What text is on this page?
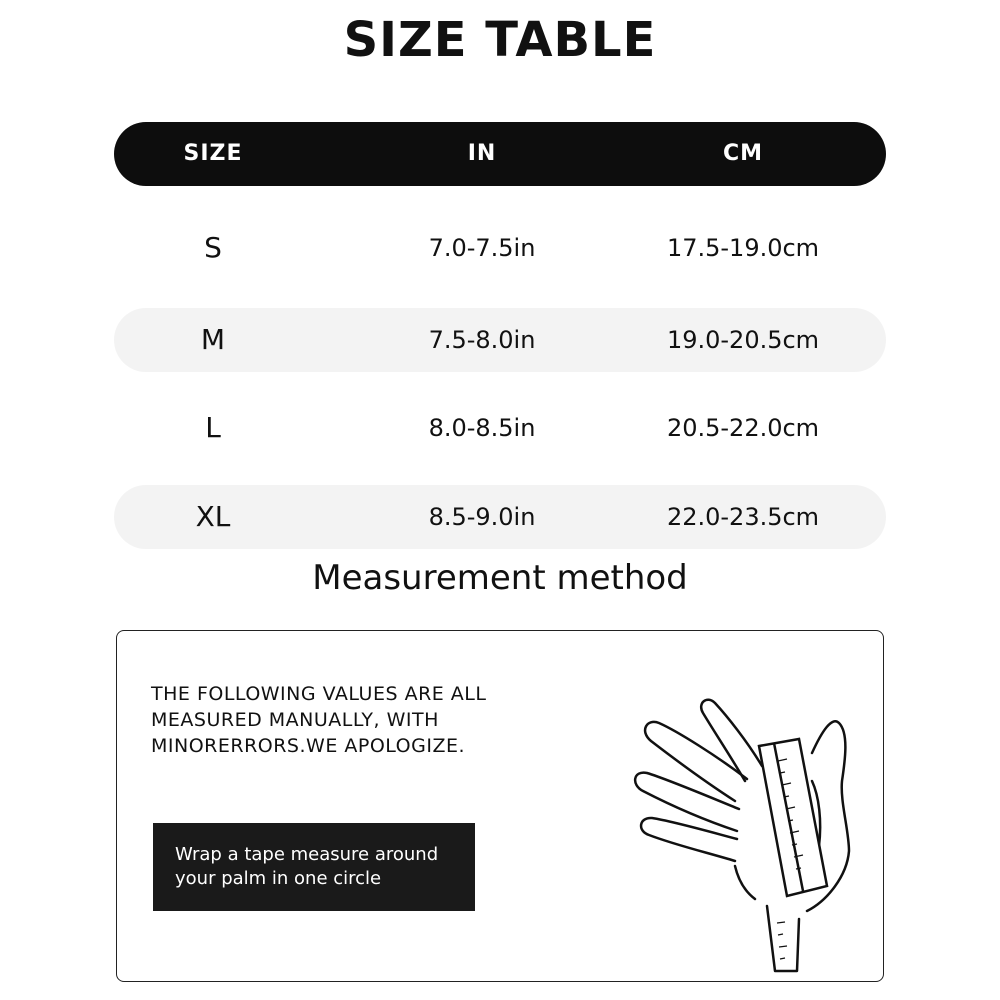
SIZE TABLE
SIZE	IN	CM
S	7.0-7.5in	17.5-19.0cm
M	7.5-8.0in	19.0-20.5cm
L	8.0-8.5in	20.5-22.0cm
XL	8.5-9.0in	22.0-23.5cm
Measurement method
THE FOLLOWING VALUES ARE ALL
MEASURED MANUALLY, WITH
MINORERRORS.WE APOLOGIZE.
Wrap a tape measure around
your palm in one circle
